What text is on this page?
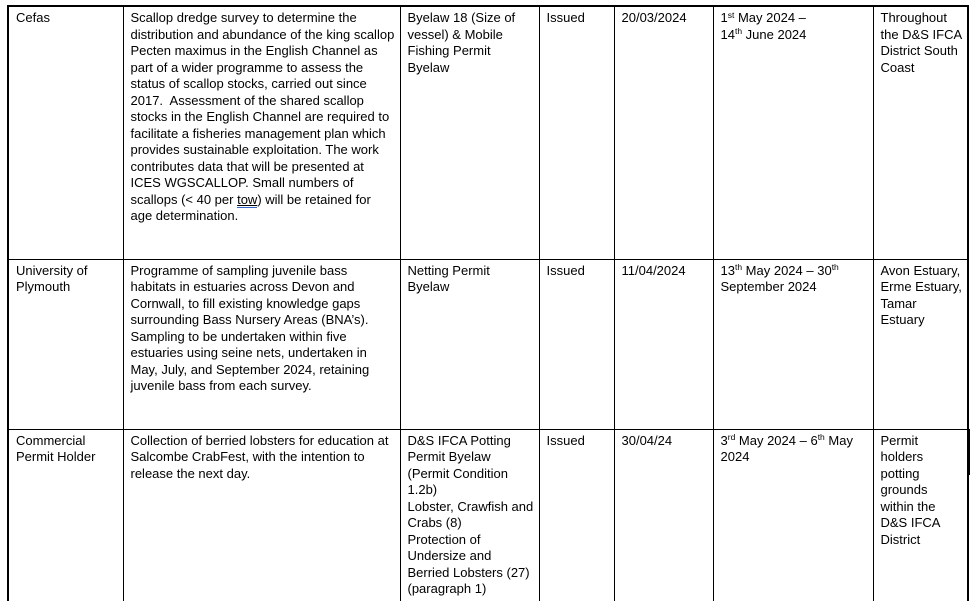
Cefas	Scallop dredge survey to determine the distribution and abundance of the king scallop Pecten maximus in the English Channel as part of a wider programme to assess the status of scallop stocks, carried out since 2017.  Assessment of the shared scallop stocks in the English Channel are required to facilitate a fisheries management plan which provides sustainable exploitation. The work contributes data that will be presented at ICES WGSCALLOP. Small numbers of scallops (< 40 per tow) will be retained for age determination.	Byelaw 18 (Size of vessel) & Mobile Fishing Permit Byelaw	Issued	20/03/2024	1st May 2024 –
14th June 2024	Throughout the D&S IFCA District South Coast
University of Plymouth	Programme of sampling juvenile bass habitats in estuaries across Devon and Cornwall, to fill existing knowledge gaps surrounding Bass Nursery Areas (BNA’s). Sampling to be undertaken within five estuaries using seine nets, undertaken in May, July, and September 2024, retaining juvenile bass from each survey.	Netting Permit Byelaw	Issued	11/04/2024	13th May 2024 – 30th September 2024	Avon Estuary, Erme Estuary, Tamar Estuary
Commercial Permit Holder	Collection of berried lobsters for education at Salcombe CrabFest, with the intention to release the next day.	D&S IFCA Potting Permit Byelaw (Permit Condition 1.2b)
Lobster, Crawfish and Crabs (8)
Protection of Undersize and Berried Lobsters (27) (paragraph 1)	Issued	30/04/24	3rd May 2024 – 6th May 2024	Permit holders potting grounds within the D&S IFCA District
